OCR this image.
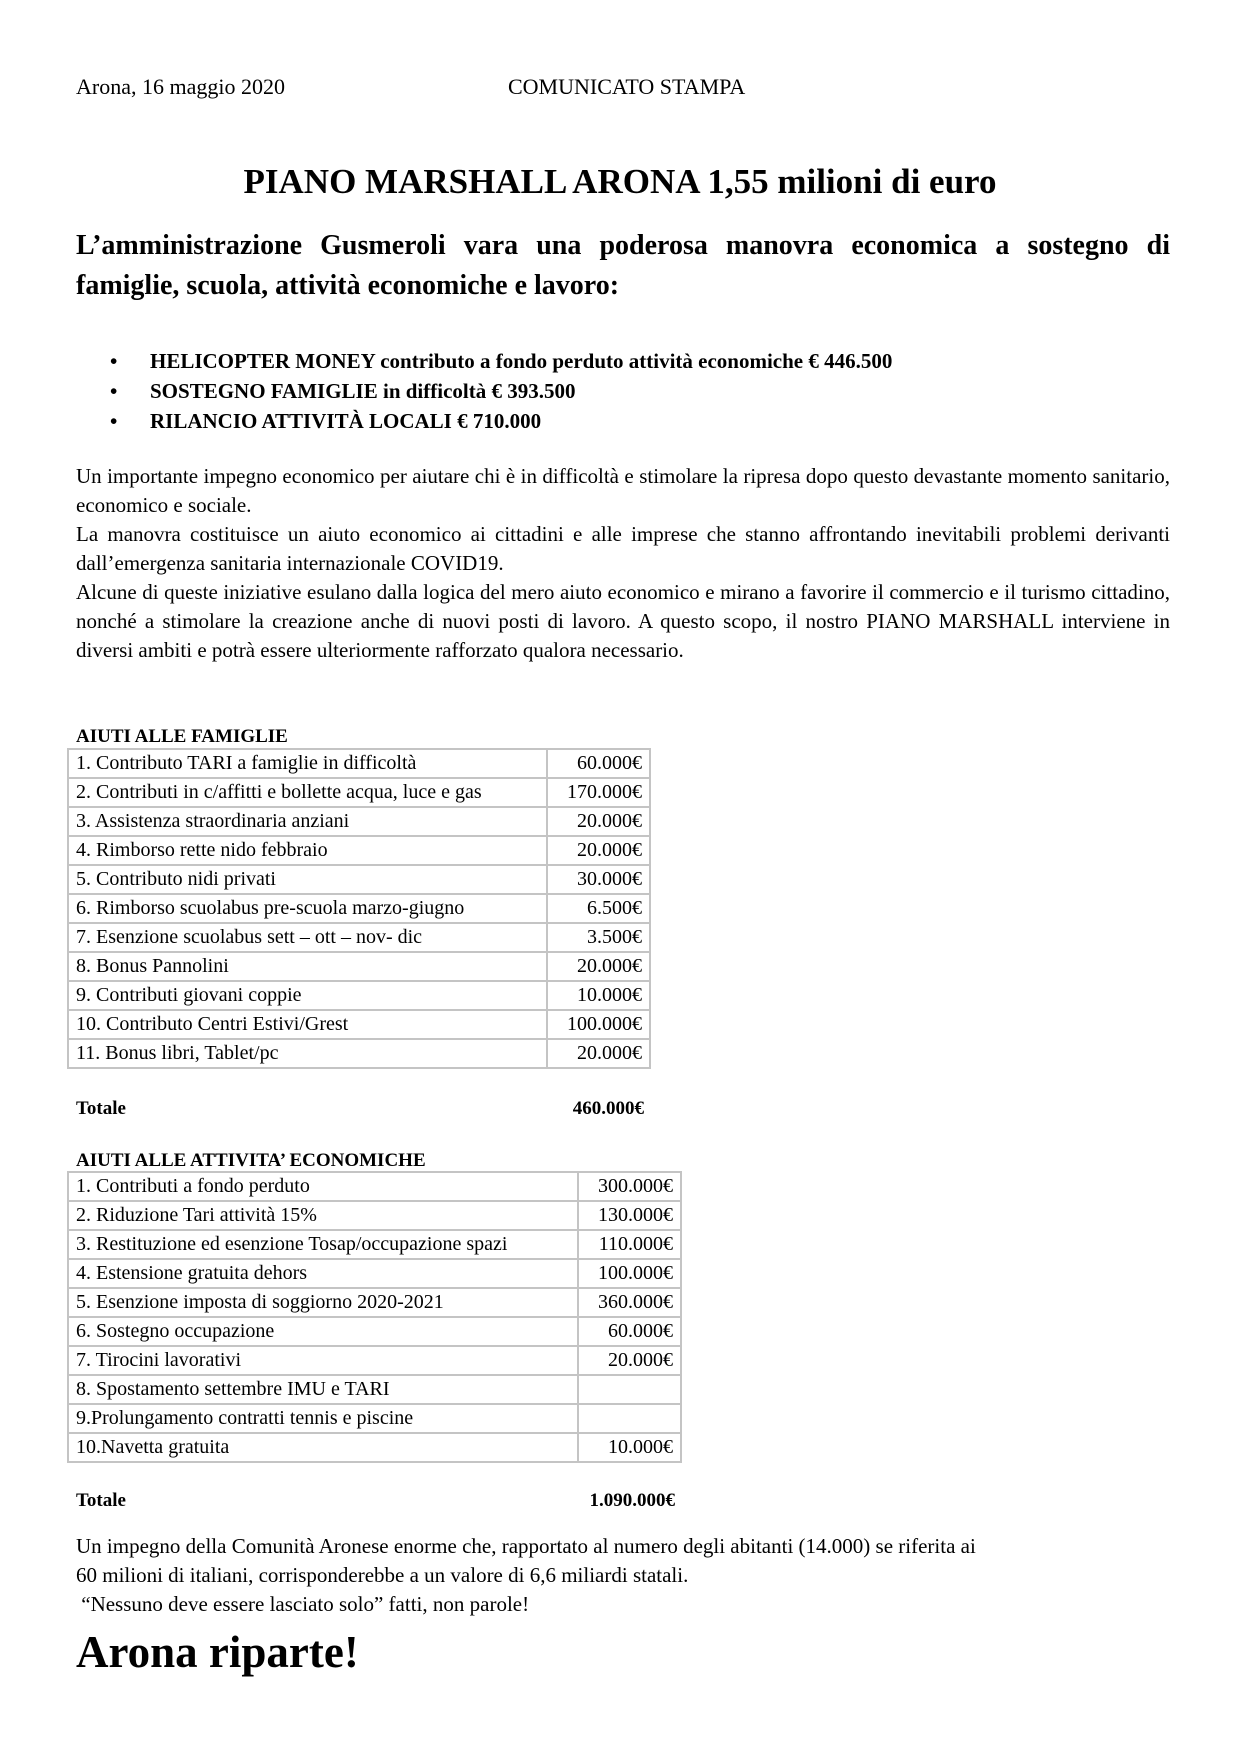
Arona, 16 maggio 2020	COMUNICATO STAMPA
PIANO MARSHALL ARONA 1,55 milioni di euro
L’amministrazione Gusmeroli vara una poderosa manovra economica a sostegno di famiglie, scuola, attività economiche e lavoro:
• HELICOPTER MONEY contributo a fondo perduto attività economiche € 446.500
• SOSTEGNO FAMIGLIE in difficoltà € 393.500
• RILANCIO ATTIVITÀ LOCALI € 710.000

Un importante impegno economico per aiutare chi è in difficoltà e stimolare la ripresa dopo questo devastante momento sanitario, economico e sociale.

La manovra costituisce un aiuto economico ai cittadini e alle imprese che stanno affrontando inevitabili problemi derivanti dall’emergenza sanitaria internazionale COVID19.

Alcune di queste iniziative esulano dalla logica del mero aiuto economico e mirano a favorire il commercio e il turismo cittadino, nonché a stimolare la creazione anche di nuovi posti di lavoro. A questo scopo, il nostro PIANO MARSHALL interviene in diversi ambiti e potrà essere ulteriormente rafforzato qualora necessario.

AIUTI ALLE FAMIGLIE
1. Contributo TARI a famiglie in difficoltà	60.000€
2. Contributi in c/affitti e bollette acqua, luce e gas	170.000€
3. Assistenza straordinaria anziani	20.000€
4. Rimborso rette nido febbraio	20.000€
5. Contributo nidi privati	30.000€
6. Rimborso scuolabus pre-scuola marzo-giugno	6.500€
7. Esenzione scuolabus sett – ott – nov- dic	3.500€
8. Bonus Pannolini	20.000€
9. Contributi giovani coppie	10.000€
10. Contributo Centri Estivi/Grest	100.000€
11. Bonus libri, Tablet/pc	20.000€
Totale	460.000€
AIUTI ALLE ATTIVITA’ ECONOMICHE
1. Contributi a fondo perduto	300.000€
2. Riduzione Tari attività 15%	130.000€
3. Restituzione ed esenzione Tosap/occupazione spazi	110.000€
4. Estensione gratuita dehors	100.000€
5. Esenzione imposta di soggiorno 2020-2021	360.000€
6. Sostegno occupazione	60.000€
7. Tirocini lavorativi	20.000€
8. Spostamento settembre IMU e TARI	
9.Prolungamento contratti tennis e piscine	
10.Navetta gratuita	10.000€
Totale	1.090.000€

Un impegno della Comunità Aronese enorme che, rapportato al numero degli abitanti (14.000) se riferita ai

60 milioni di italiani, corrisponderebbe a un valore di 6,6 miliardi statali.

“Nessuno deve essere lasciato solo” fatti, non parole!

Arona riparte!
